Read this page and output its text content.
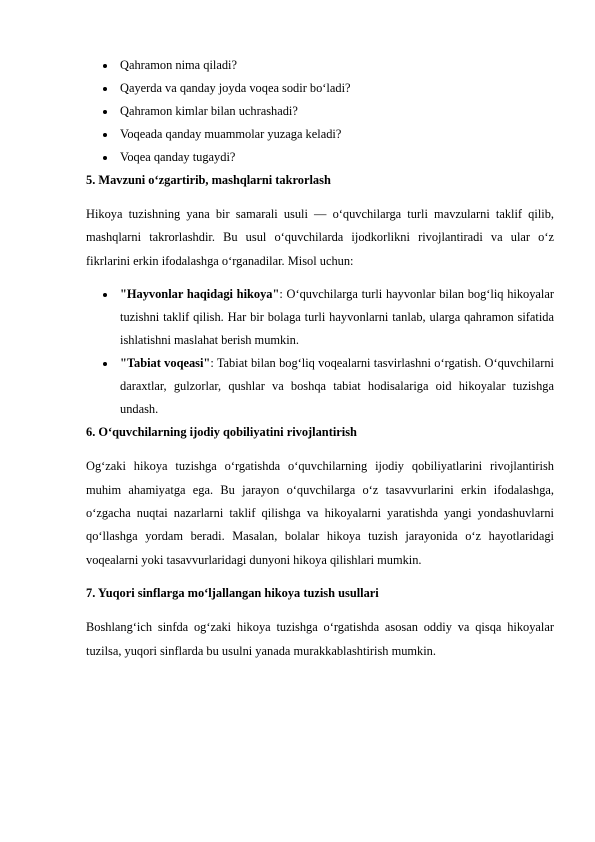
Qahramon nima qiladi?
Qayerda va qanday joyda voqea sodir bo‘ladi?
Qahramon kimlar bilan uchrashadi?
Voqeada qanday muammolar yuzaga keladi?
Voqea qanday tugaydi?
5. Mavzuni o‘zgartirib, mashqlarni takrorlash

Hikoya tuzishning yana bir samarali usuli — o‘quvchilarga turli mavzularni taklif qilib, mashqlarni takrorlashdir. Bu usul o‘quvchilarda ijodkorlikni rivojlantiradi va ular o‘z fikrlarini erkin ifodalashga o‘rganadilar. Misol uchun:

"Hayvonlar haqidagi hikoya": O‘quvchilarga turli hayvonlar bilan bog‘liq hikoyalar tuzishni taklif qilish. Har bir bolaga turli hayvonlarni tanlab, ularga qahramon sifatida ishlatishni maslahat berish mumkin.
"Tabiat voqeasi": Tabiat bilan bog‘liq voqealarni tasvirlashni o‘rgatish. O‘quvchilarni daraxtlar, gulzorlar, qushlar va boshqa tabiat hodisalariga oid hikoyalar tuzishga undash.
6. O‘quvchilarning ijodiy qobiliyatini rivojlantirish

Og‘zaki hikoya tuzishga o‘rgatishda o‘quvchilarning ijodiy qobiliyatlarini rivojlantirish muhim ahamiyatga ega. Bu jarayon o‘quvchilarga o‘z tasavvurlarini erkin ifodalashga, o‘zgacha nuqtai nazarlarni taklif qilishga va hikoyalarni yaratishda yangi yondashuvlarni qo‘llashga yordam beradi. Masalan, bolalar hikoya tuzish jarayonida o‘z hayotlaridagi voqealarni yoki tasavvurlaridagi dunyoni hikoya qilishlari mumkin.

7. Yuqori sinflarga mo‘ljallangan hikoya tuzish usullari

Boshlang‘ich sinfda og‘zaki hikoya tuzishga o‘rgatishda asosan oddiy va qisqa hikoyalar tuzilsa, yuqori sinflarda bu usulni yanada murakkablashtirish mumkin.
